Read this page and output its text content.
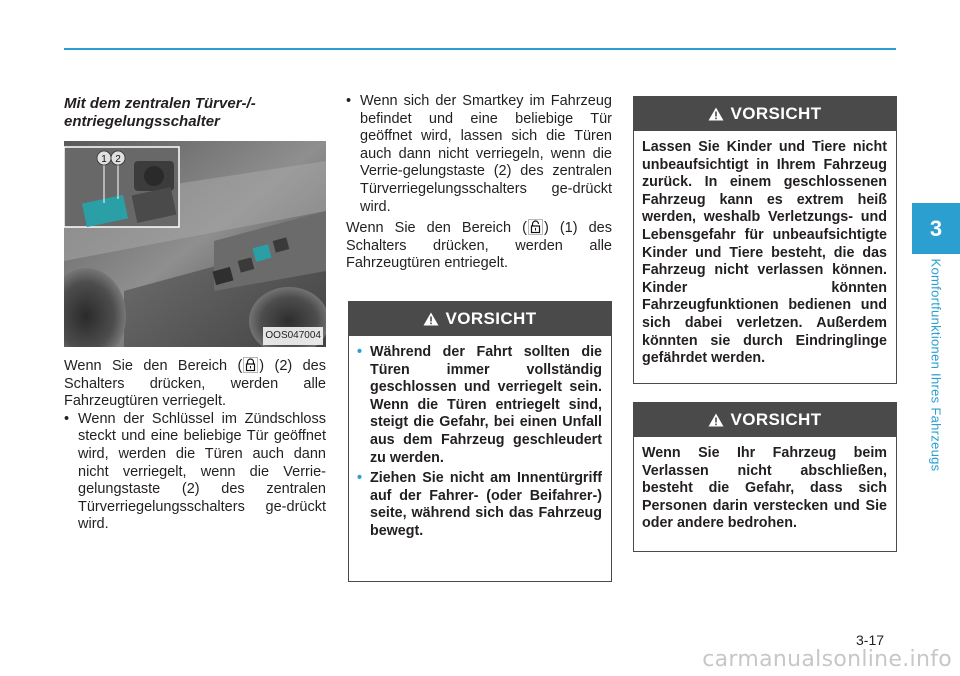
3
Komfortfunktionen Ihres Fahrzeugs
Mit dem zentralen Türver-/-entriegelungsschalter
1 2
OOS047004

Wenn Sie den Bereich ( ) (2) des Schalters drücken, werden alle Fahrzeugtüren verriegelt.

• Wenn der Schlüssel im Zündschloss steckt und eine beliebige Tür geöffnet wird, werden die Türen auch dann nicht verriegelt, wenn die Verrie-gelungstaste (2) des zentralen Türverriegelungsschalters ge-drückt wird.
• Wenn sich der Smartkey im Fahrzeug befindet und eine beliebige Tür geöffnet wird, lassen sich die Türen auch dann nicht verriegeln, wenn die Verrie-gelungstaste (2) des zentralen Türverriegelungsschalters ge-drückt wird.

Wenn Sie den Bereich ( ) (1) des Schalters drücken, werden alle Fahrzeugtüren entriegelt.

VORSICHT
• Während der Fahrt sollten die Türen immer vollständig geschlossen und verriegelt sein. Wenn die Türen entriegelt sind, steigt die Gefahr, bei einen Unfall aus dem Fahrzeug geschleudert zu werden.
• Ziehen Sie nicht am Innentürgriff auf der Fahrer- (oder Beifahrer-) seite, während sich das Fahrzeug bewegt.
VORSICHT
Lassen Sie Kinder und Tiere nicht unbeaufsichtigt in Ihrem Fahrzeug zurück. In einem geschlossenen Fahrzeug kann es extrem heiß werden, weshalb Verletzungs- und Lebensgefahr für unbeaufsichtigte Kinder und Tiere besteht, die das Fahrzeug nicht verlassen können. Kinder könnten Fahrzeugfunktionen bedienen und sich dabei verletzen. Außerdem könnten sie durch Eindringlinge gefährdet werden.
VORSICHT
Wenn Sie Ihr Fahrzeug beim Verlassen nicht abschließen, besteht die Gefahr, dass sich Personen darin verstecken und Sie oder andere bedrohen.
3-17
carmanualsonline.info
